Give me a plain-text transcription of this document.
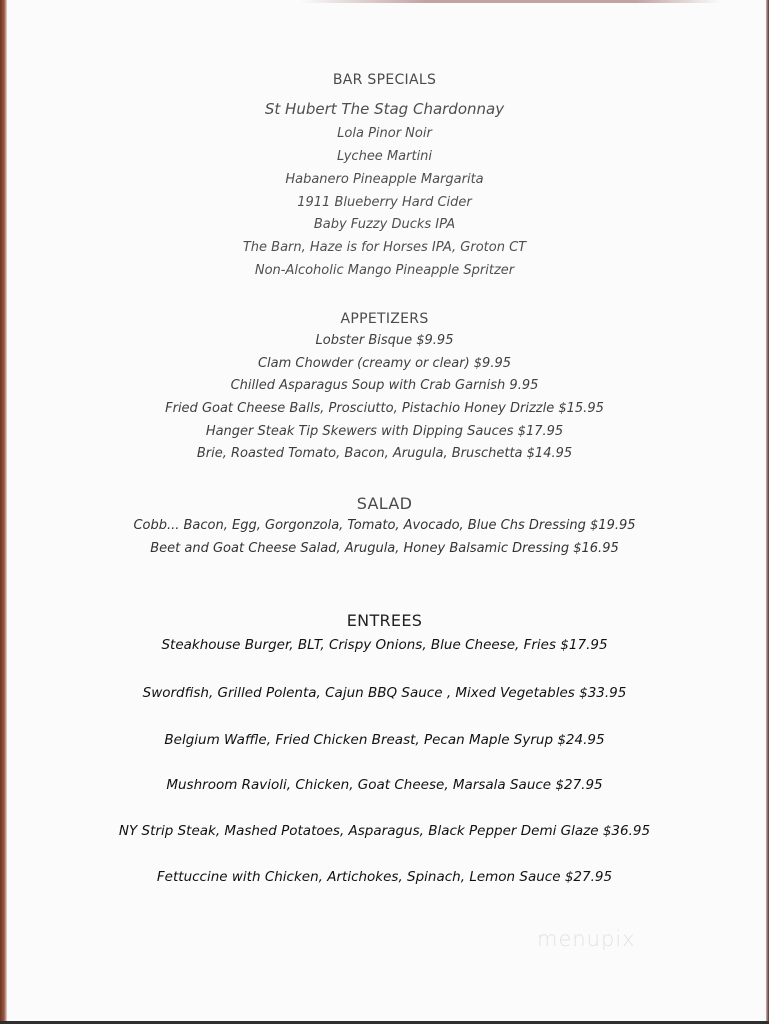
BAR SPECIALS
St Hubert The Stag Chardonnay
Lola Pinor Noir
Lychee Martini
Habanero Pineapple Margarita
1911 Blueberry Hard Cider
Baby Fuzzy Ducks IPA
The Barn, Haze is for Horses IPA, Groton CT
Non-Alcoholic Mango Pineapple Spritzer
APPETIZERS
Lobster Bisque $9.95
Clam Chowder (creamy or clear) $9.95
Chilled Asparagus Soup with Crab Garnish 9.95
Fried Goat Cheese Balls, Prosciutto, Pistachio Honey Drizzle $15.95
Hanger Steak Tip Skewers with Dipping Sauces $17.95
Brie, Roasted Tomato, Bacon, Arugula, Bruschetta $14.95
SALAD
Cobb... Bacon, Egg, Gorgonzola, Tomato, Avocado, Blue Chs Dressing $19.95
Beet and Goat Cheese Salad, Arugula, Honey Balsamic Dressing $16.95
ENTREES
Steakhouse Burger, BLT, Crispy Onions, Blue Cheese, Fries $17.95
Swordfish, Grilled Polenta, Cajun BBQ Sauce , Mixed Vegetables $33.95
Belgium Waffle, Fried Chicken Breast, Pecan Maple Syrup $24.95
Mushroom Ravioli, Chicken, Goat Cheese, Marsala Sauce $27.95
NY Strip Steak, Mashed Potatoes, Asparagus, Black Pepper Demi Glaze $36.95
Fettuccine with Chicken, Artichokes, Spinach, Lemon Sauce $27.95
menupix
